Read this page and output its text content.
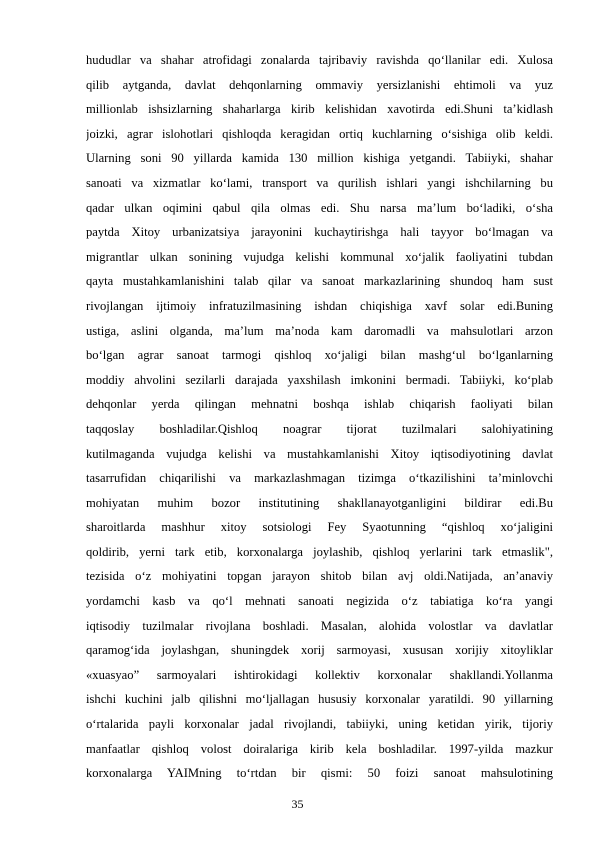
hududlar va shahar atrofidagi zonalarda tajribaviy ravishda qo‘llanilar edi. Xulosa
qilib aytganda, davlat dehqonlarning ommaviy yersizlanishi ehtimoli va yuz
millionlab ishsizlarning shaharlarga kirib kelishidan xavotirda edi.Shuni ta’kidlash
joizki, agrar islohotlari qishloqda keragidan ortiq kuchlarning o‘sishiga olib keldi.
Ularning soni 90 yillarda kamida 130 million kishiga yetgandi. Tabiiyki, shahar
sanoati va xizmatlar ko‘lami, transport va qurilish ishlari yangi ishchilarning bu
qadar ulkan oqimini qabul qila olmas edi. Shu narsa ma’lum bo‘ladiki, o‘sha
paytda Xitoy urbanizatsiya jarayonini kuchaytirishga hali tayyor bo‘lmagan va
migrantlar ulkan sonining vujudga kelishi kommunal xo‘jalik faoliyatini tubdan
qayta mustahkamlanishini talab qilar va sanoat markazlarining shundoq ham sust
rivojlangan ijtimoiy infratuzilmasining ishdan chiqishiga xavf solar edi.Buning
ustiga, aslini olganda, ma’lum ma’noda kam daromadli va mahsulotlari arzon
bo‘lgan agrar sanoat tarmogi qishloq xo‘jaligi bilan mashg‘ul bo‘lganlarning
moddiy ahvolini sezilarli darajada yaxshilash imkonini bermadi. Tabiiyki, ko‘plab
dehqonlar yerda qilingan mehnatni boshqa ishlab chiqarish faoliyati bilan
taqqoslay boshladilar.Qishloq noagrar tijorat tuzilmalari salohiyatining
kutilmaganda vujudga kelishi va mustahkamlanishi Xitoy iqtisodiyotining davlat
tasarrufidan chiqarilishi va markazlashmagan tizimga o‘tkazilishini ta’minlovchi
mohiyatan muhim bozor institutining shakllanayotganligini bildirar edi.Bu
sharoitlarda mashhur xitoy sotsiologi Fey Syaotunning “qishloq xo‘jaligini
qoldirib, yerni tark etib, korxonalarga joylashib, qishloq yerlarini tark etmaslik",
tezisida o‘z mohiyatini topgan jarayon shitob bilan avj oldi.Natijada, an’anaviy
yordamchi kasb va qo‘l mehnati sanoati negizida o‘z tabiatiga ko‘ra yangi
iqtisodiy tuzilmalar rivojlana boshladi. Masalan, alohida volostlar va davlatlar
qaramog‘ida joylashgan, shuningdek xorij sarmoyasi, xususan xorijiy xitoyliklar
«xuasyao” sarmoyalari ishtirokidagi kollektiv korxonalar shakllandi.Yollanma
ishchi kuchini jalb qilishni mo‘ljallagan hususiy korxonalar yaratildi. 90 yillarning
o‘rtalarida payli korxonalar jadal rivojlandi, tabiiyki, uning ketidan yirik, tijoriy
manfaatlar qishloq volost doiralariga kirib kela boshladilar. 1997-yilda mazkur
korxonalarga YAIMning to‘rtdan bir qismi: 50 foizi sanoat mahsulotining
35
